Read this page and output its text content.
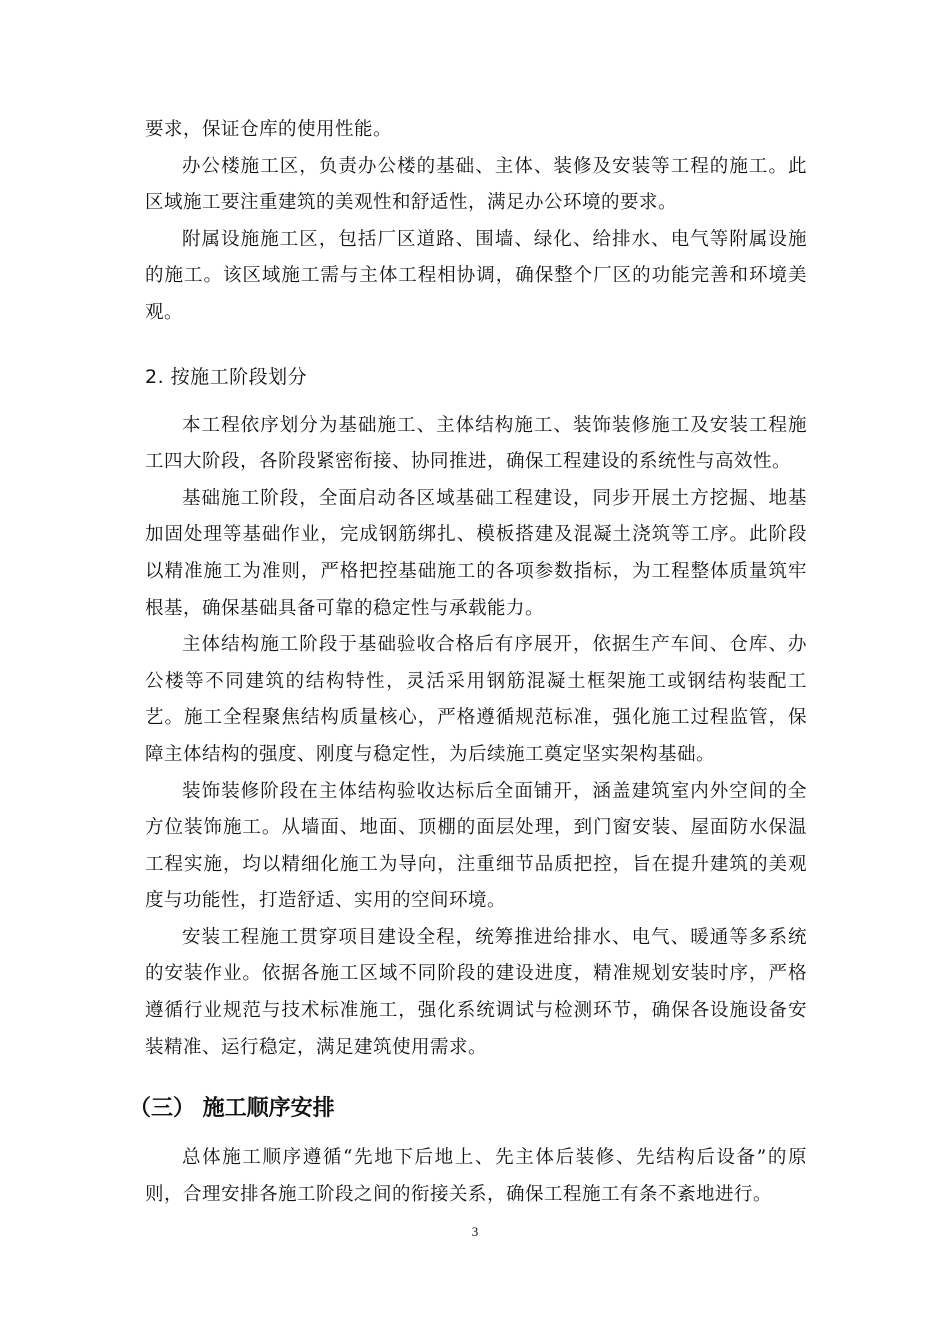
要求，保证仓库的使用性能。

办公楼施工区，负责办公楼的基础、主体、装修及安装等工程的施工。此区域施工要注重建筑的美观性和舒适性，满足办公环境的要求。

附属设施施工区，包括厂区道路、围墙、绿化、给排水、电气等附属设施的施工。该区域施工需与主体工程相协调，确保整个厂区的功能完善和环境美观。

2. 按施工阶段划分

本工程依序划分为基础施工、主体结构施工、装饰装修施工及安装工程施工四大阶段，各阶段紧密衔接、协同推进，确保工程建设的系统性与高效性。

基础施工阶段，全面启动各区域基础工程建设，同步开展土方挖掘、地基加固处理等基础作业，完成钢筋绑扎、模板搭建及混凝土浇筑等工序。此阶段以精准施工为准则，严格把控基础施工的各项参数指标，为工程整体质量筑牢根基，确保基础具备可靠的稳定性与承载能力。

主体结构施工阶段于基础验收合格后有序展开，依据生产车间、仓库、办公楼等不同建筑的结构特性，灵活采用钢筋混凝土框架施工或钢结构装配工艺。施工全程聚焦结构质量核心，严格遵循规范标准，强化施工过程监管，保障主体结构的强度、刚度与稳定性，为后续施工奠定坚实架构基础。

装饰装修阶段在主体结构验收达标后全面铺开，涵盖建筑室内外空间的全方位装饰施工。从墙面、地面、顶棚的面层处理，到门窗安装、屋面防水保温工程实施，均以精细化施工为导向，注重细节品质把控，旨在提升建筑的美观度与功能性，打造舒适、实用的空间环境。

安装工程施工贯穿项目建设全程，统筹推进给排水、电气、暖通等多系统的安装作业。依据各施工区域不同阶段的建设进度，精准规划安装时序，严格遵循行业规范与技术标准施工，强化系统调试与检测环节，确保各设施设备安装精准、运行稳定，满足建筑使用需求。

（三） 施工顺序安排

总体施工顺序遵循“先地下后地上、先主体后装修、先结构后设备”的原则，合理安排各施工阶段之间的衔接关系，确保工程施工有条不紊地进行。

3
